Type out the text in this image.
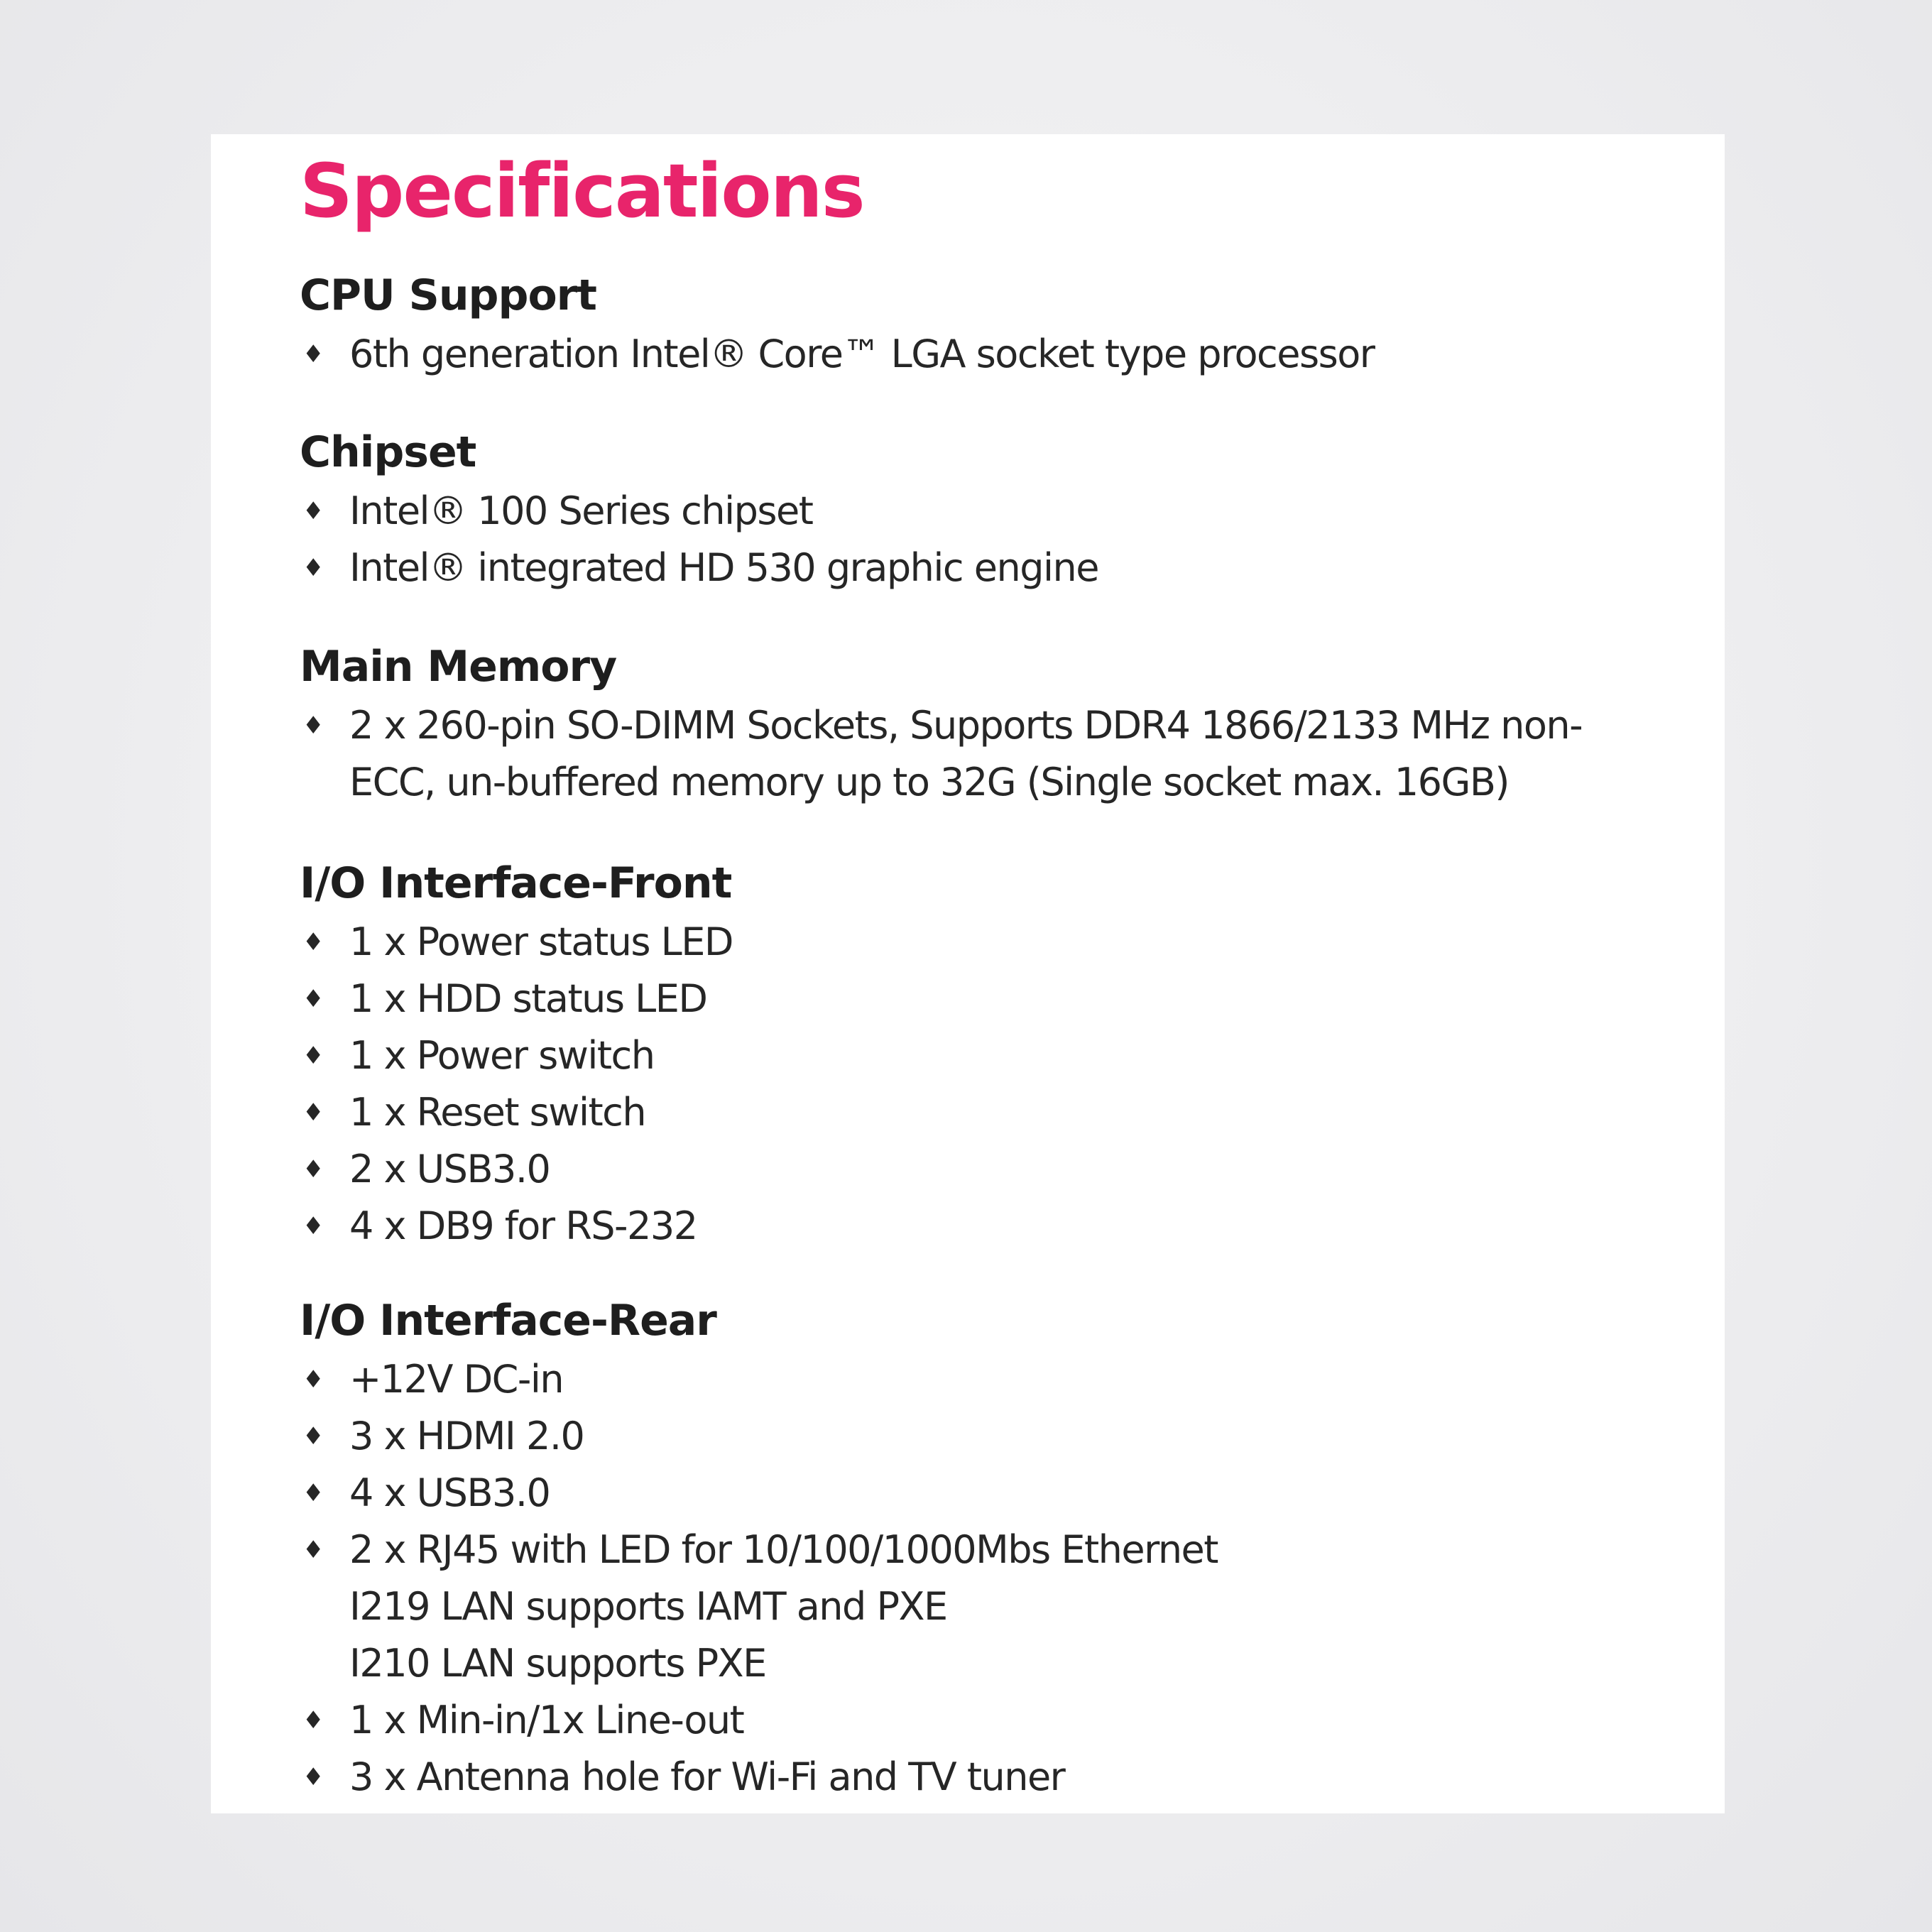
Specifications
CPU Support
♦ 6th generation Intel® Core™ LGA socket type processor
Chipset
♦ Intel® 100 Series chipset
♦ Intel® integrated HD 530 graphic engine
Main Memory
♦ 2 x 260-pin SO-DIMM Sockets, Supports DDR4 1866/2133 MHz non-
ECC, un-buffered memory up to 32G (Single socket max. 16GB)
I/O Interface-Front
♦ 1 x Power status LED
♦ 1 x HDD status LED
♦ 1 x Power switch
♦ 1 x Reset switch
♦ 2 x USB3.0
♦ 4 x DB9 for RS-232
I/O Interface-Rear
♦ +12V DC-in
♦ 3 x HDMI 2.0
♦ 4 x USB3.0
♦ 2 x RJ45 with LED for 10/100/1000Mbs Ethernet
I219 LAN supports IAMT and PXE
I210 LAN supports PXE
♦ 1 x Min-in/1x Line-out
♦ 3 x Antenna hole for Wi-Fi and TV tuner
